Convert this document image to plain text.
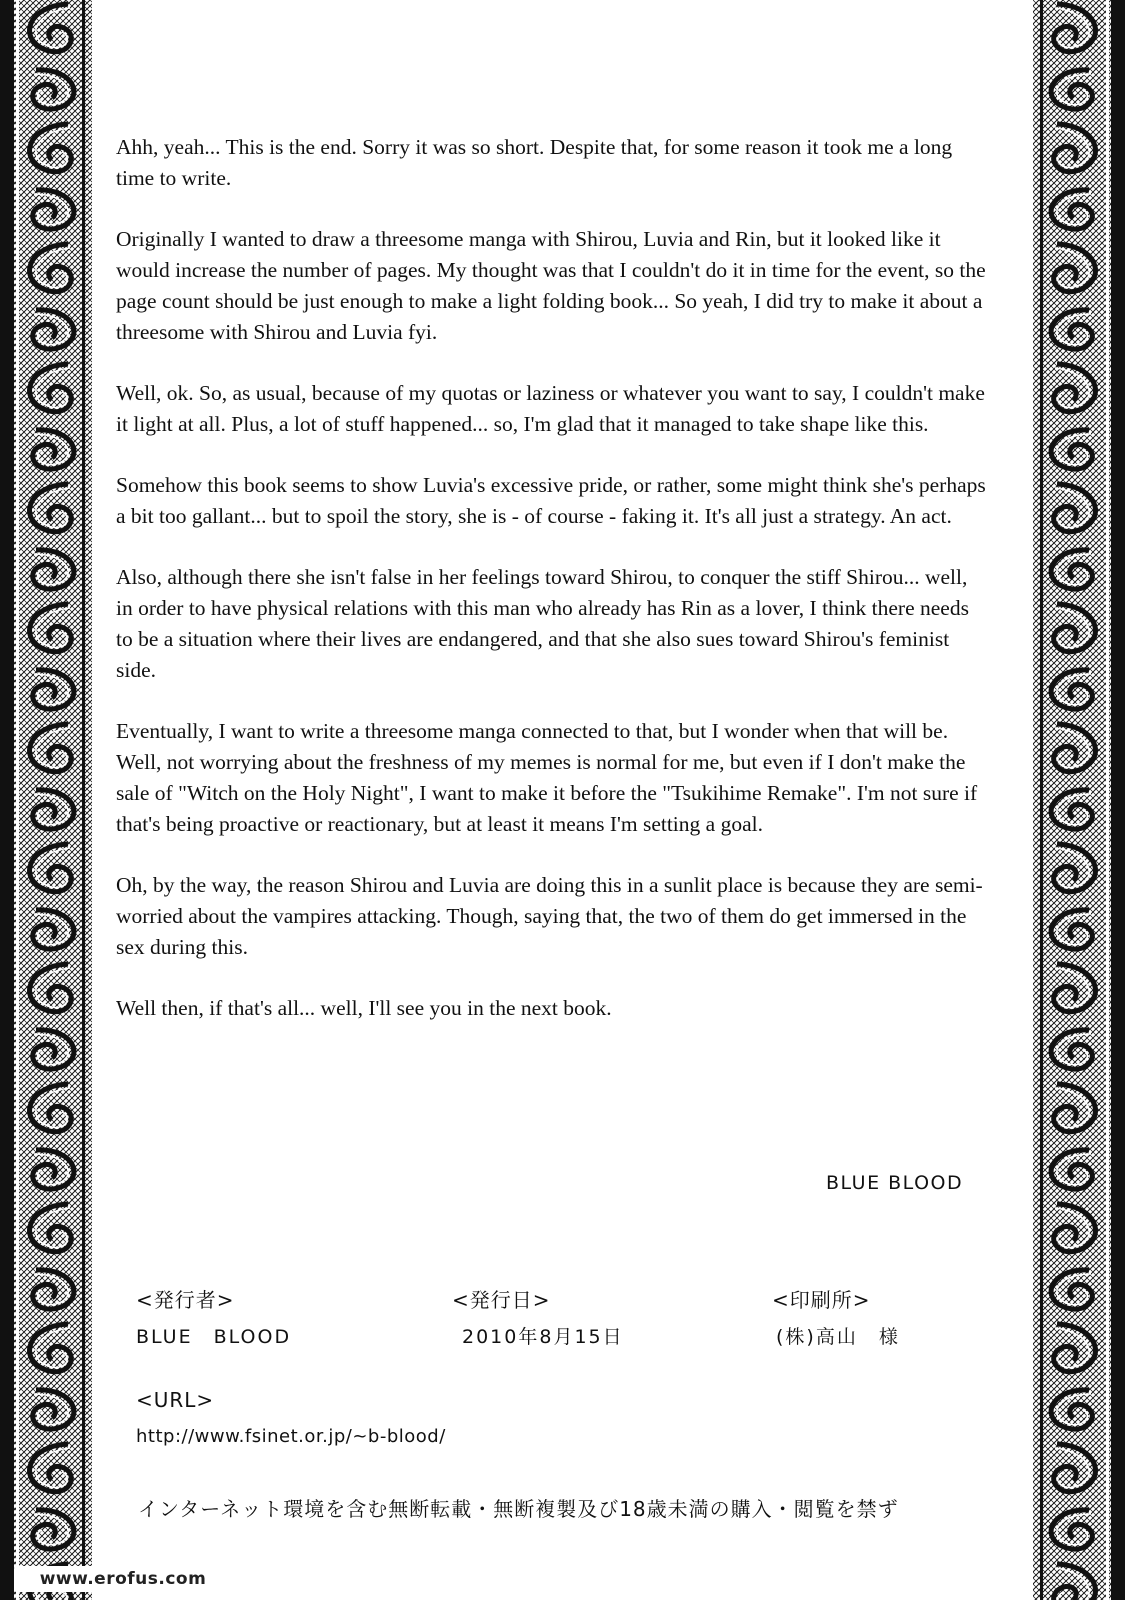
Ahh, yeah... This is the end. Sorry it was so short. Despite that, for some reason it took me a long time to write.

Originally I wanted to draw a threesome manga with Shirou, Luvia and Rin, but it looked like it would increase the number of pages. My thought was that I couldn't do it in time for the event, so the page count should be just enough to make a light folding book... So yeah, I did try to make it about a threesome with Shirou and Luvia fyi.

Well, ok. So, as usual, because of my quotas or laziness or whatever you want to say, I couldn't make it light at all. Plus, a lot of stuff happened... so, I'm glad that it managed to take shape like this.

Somehow this book seems to show Luvia's excessive pride, or rather, some might think she's perhaps a bit too gallant... but to spoil the story, she is - of course - faking it. It's all just a strategy. An act.

Also, although there she isn't false in her feelings toward Shirou, to conquer the stiff Shirou... well, in order to have physical relations with this man who already has Rin as a lover, I think there needs to be a situation where their lives are endangered, and that she also sues toward Shirou's feminist side.

Eventually, I want to write a threesome manga connected to that, but I wonder when that will be. Well, not worrying about the freshness of my memes is normal for me, but even if I don't make the sale of "Witch on the Holy Night", I want to make it before the "Tsukihime Remake". I'm not sure if that's being proactive or reactionary, but at least it means I'm setting a goal.

Oh, by the way, the reason Shirou and Luvia are doing this in a sunlit place is because they are semi-worried about the vampires attacking. Though, saying that, the two of them do get immersed in the sex during this.

Well then, if that's all... well, I'll see you in the next book.

BLUE BLOOD
<発行者>
BLUE　BLOOD
<発行日>
2010年8月15日
<印刷所>
(株)高山　様
<URL>
http://www.fsinet.or.jp/~b-blood/
インターネット環境を含む無断転載・無断複製及び18歳未満の購入・閲覧を禁ず
www.erofus.com
